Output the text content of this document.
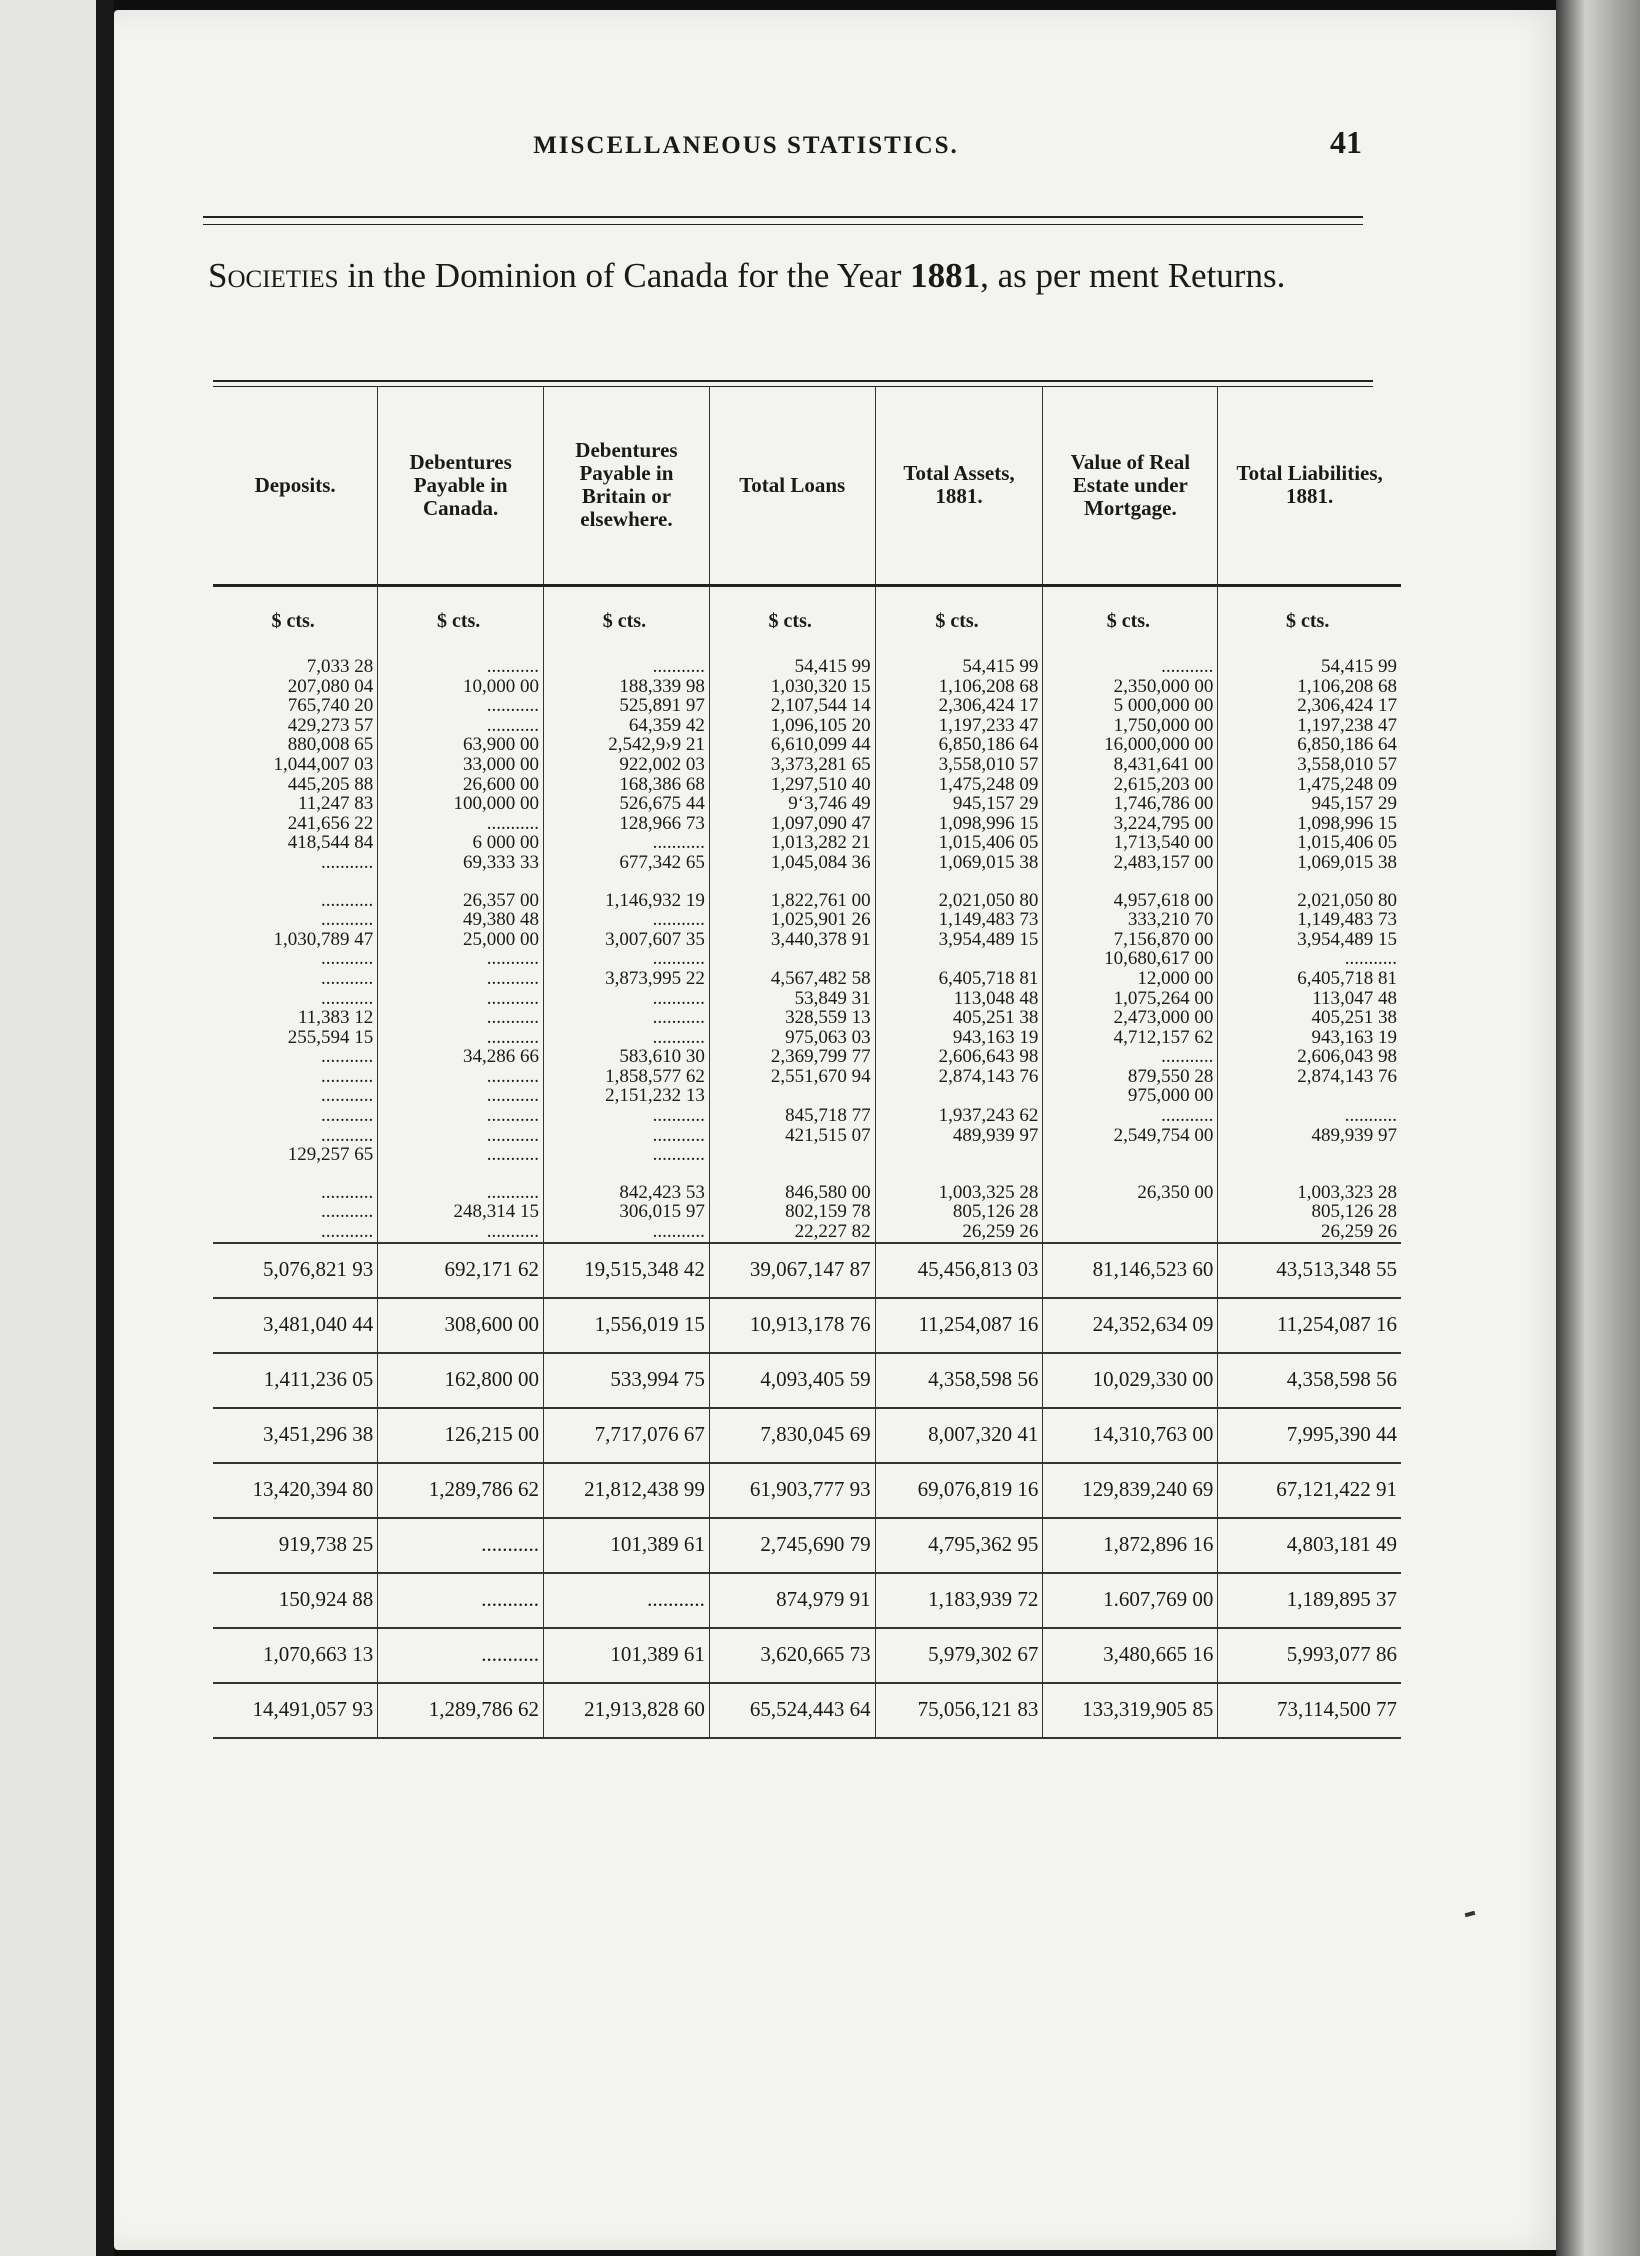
MISCELLANEOUS STATISTICS.	41
Societies in the Dominion of Canada for the Year 1881, as per ment Returns.
Deposits.	Debentures Payable in Canada.	Debentures Payable in Britain or elsewhere.	Total Loans	Total Assets, 1881.	Value of Real Estate under Mortgage.	Total Liabilities, 1881.
$ cts.	$ cts.	$ cts.	$ cts.	$ cts.	$ cts.	$ cts.
7,033 28	...........	...........	54,415 99	54,415 99	...........	54,415 99
207,080 04	10,000 00	188,339 98	1,030,320 15	1,106,208 68	2,350,000 00	1,106,208 68
765,740 20	...........	525,891 97	2,107,544 14	2,306,424 17	5 000,000 00	2,306,424 17
429,273 57	...........	64,359 42	1,096,105 20	1,197,233 47	1,750,000 00	1,197,238 47
880,008 65	63,900 00	2,542,9›9 21	6,610,099 44	6,850,186 64	16,000,000 00	6,850,186 64
1,044,007 03	33,000 00	922,002 03	3,373,281 65	3,558,010 57	8,431,641 00	3,558,010 57
445,205 88	26,600 00	168,386 68	1,297,510 40	1,475,248 09	2,615,203 00	1,475,248 09
11,247 83	100,000 00	526,675 44	9‘3,746 49	945,157 29	1,746,786 00	945,157 29
241,656 22	...........	128,966 73	1,097,090 47	1,098,996 15	3,224,795 00	1,098,996 15
418,544 84	6 000 00	...........	1,013,282 21	1,015,406 05	1,713,540 00	1,015,406 05
...........	69,333 33	677,342 65	1,045,084 36	1,069,015 38	2,483,157 00	1,069,015 38

...........	26,357 00	1,146,932 19	1,822,761 00	2,021,050 80	4,957,618 00	2,021,050 80
...........	49,380 48	...........	1,025,901 26	1,149,483 73	333,210 70	1,149,483 73
1,030,789 47	25,000 00	3,007,607 35	3,440,378 91	3,954,489 15	7,156,870 00	3,954,489 15
...........	...........	...........			10,680,617 00	...........
...........	...........	3,873,995 22	4,567,482 58	6,405,718 81	12,000 00	6,405,718 81
...........	...........	...........	53,849 31	113,048 48	1,075,264 00	113,047 48
11,383 12	...........	...........	328,559 13	405,251 38	2,473,000 00	405,251 38
255,594 15	...........	...........	975,063 03	943,163 19	4,712,157 62	943,163 19
...........	34,286 66	583,610 30	2,369,799 77	2,606,643 98	...........	2,606,043 98
...........	...........	1,858,577 62	2,551,670 94	2,874,143 76	879,550 28	2,874,143 76
...........	...........	2,151,232 13			975,000 00	
...........	...........	...........	845,718 77	1,937,243 62	...........	...........
...........	...........	...........	421,515 07	489,939 97	2,549,754 00	489,939 97
129,257 65	...........	...........				

...........	...........	842,423 53	846,580 00	1,003,325 28	26,350 00	1,003,323 28
...........	248,314 15	306,015 97	802,159 78	805,126 28		805,126 28
...........	...........	...........	22,227 82	26,259 26		26,259 26
5,076,821 93	692,171 62	19,515,348 42	39,067,147 87	45,456,813 03	81,146,523 60	43,513,348 55
3,481,040 44	308,600 00	1,556,019 15	10,913,178 76	11,254,087 16	24,352,634 09	11,254,087 16
1,411,236 05	162,800 00	533,994 75	4,093,405 59	4,358,598 56	10,029,330 00	4,358,598 56
3,451,296 38	126,215 00	7,717,076 67	7,830,045 69	8,007,320 41	14,310,763 00	7,995,390 44
13,420,394 80	1,289,786 62	21,812,438 99	61,903,777 93	69,076,819 16	129,839,240 69	67,121,422 91
919,738 25	...........	101,389 61	2,745,690 79	4,795,362 95	1,872,896 16	4,803,181 49
150,924 88	...........	...........	874,979 91	1,183,939 72	1.607,769 00	1,189,895 37
1,070,663 13	...........	101,389 61	3,620,665 73	5,979,302 67	3,480,665 16	5,993,077 86
14,491,057 93	1,289,786 62	21,913,828 60	65,524,443 64	75,056,121 83	133,319,905 85	73,114,500 77
